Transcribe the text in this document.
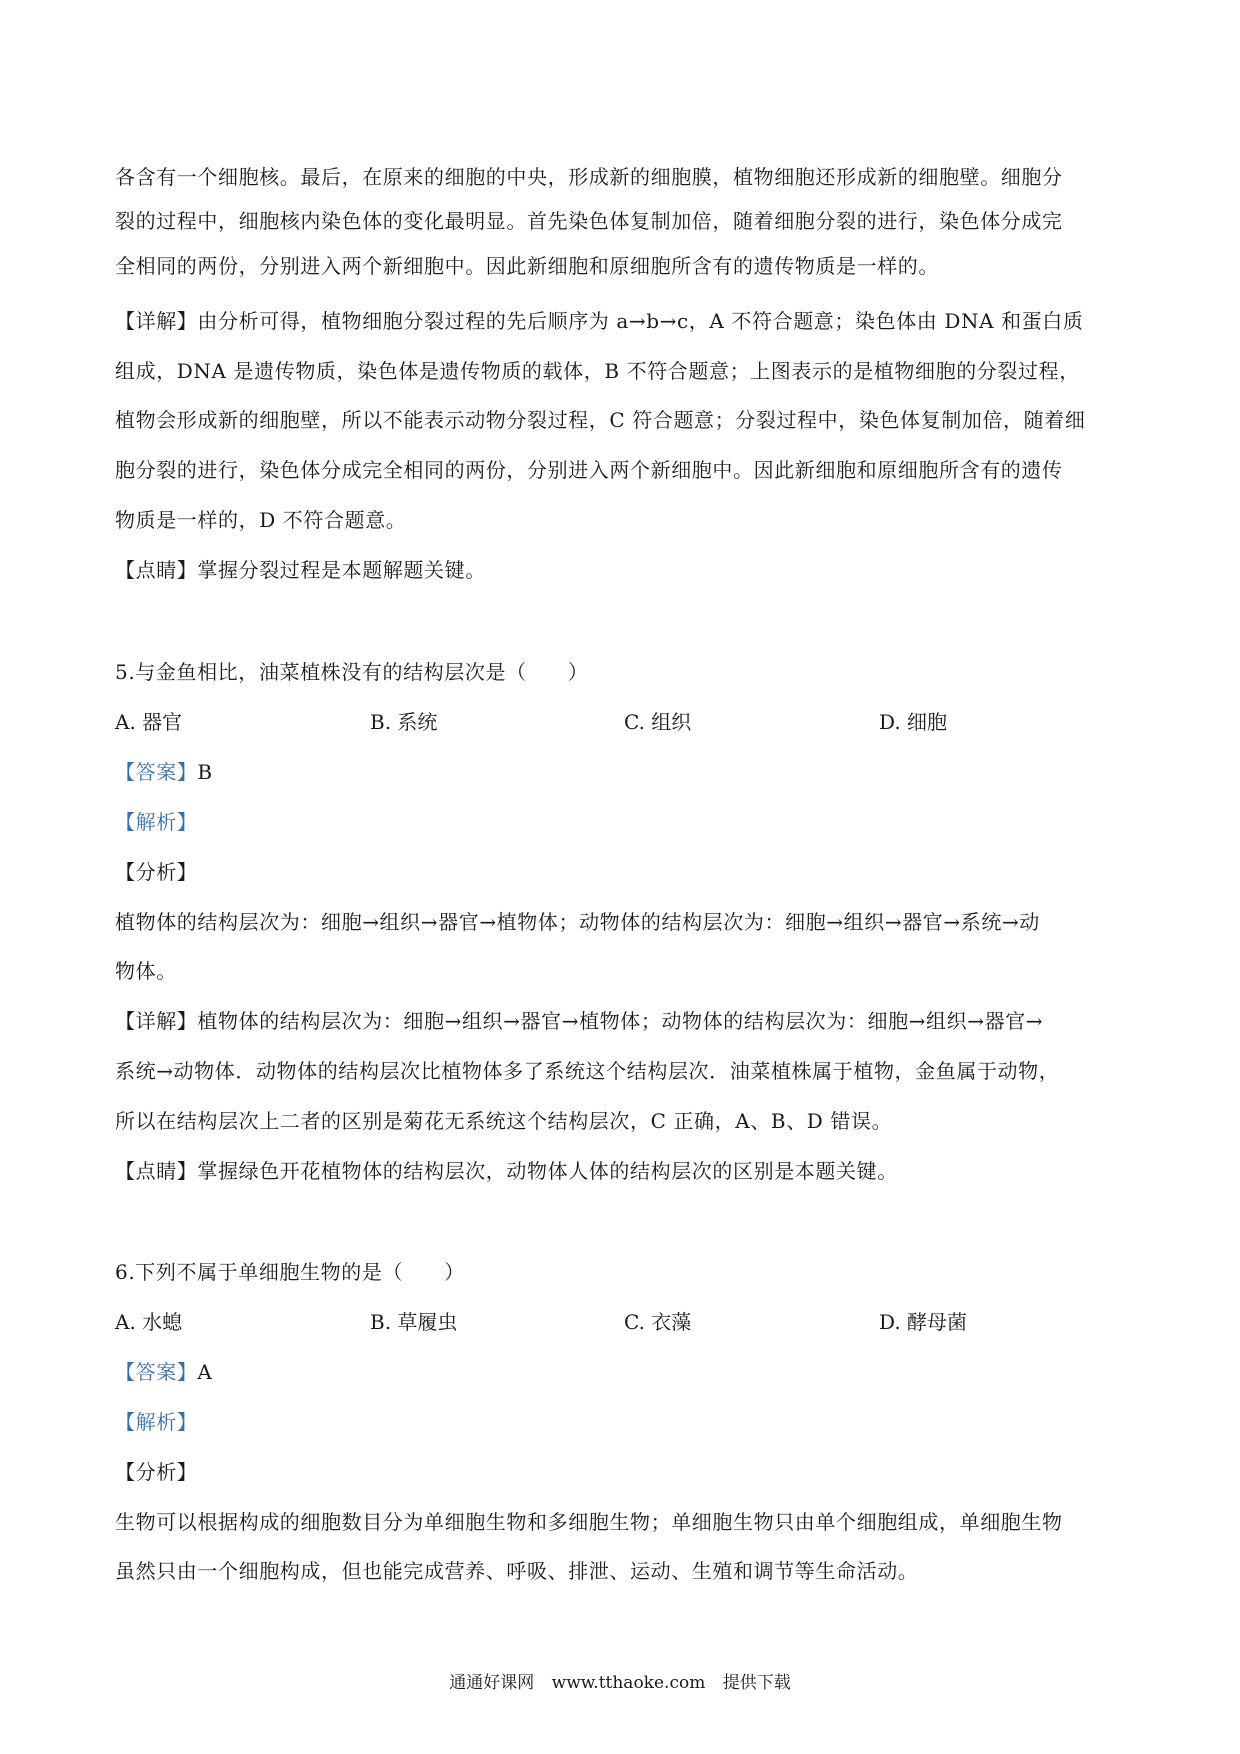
各含有一个细胞核。最后，在原来的细胞的中央，形成新的细胞膜，植物细胞还形成新的细胞壁。细胞分
裂的过程中，细胞核内染色体的变化最明显。首先染色体复制加倍，随着细胞分裂的进行，染色体分成完
全相同的两份，分别进入两个新细胞中。因此新细胞和原细胞所含有的遗传物质是一样的。
【详解】由分析可得，植物细胞分裂过程的先后顺序为 a→b→c，A 不符合题意；染色体由 DNA 和蛋白质
组成，DNA 是遗传物质，染色体是遗传物质的载体，B 不符合题意；上图表示的是植物细胞的分裂过程，
植物会形成新的细胞壁，所以不能表示动物分裂过程，C 符合题意；分裂过程中，染色体复制加倍，随着细
胞分裂的进行，染色体分成完全相同的两份，分别进入两个新细胞中。因此新细胞和原细胞所含有的遗传
物质是一样的，D 不符合题意。
【点睛】掌握分裂过程是本题解题关键。
5.与金鱼相比，油菜植株没有的结构层次是（　　）
A. 器官	B. 系统	C. 组织	D. 细胞
【答案】B
【解析】
【分析】
植物体的结构层次为：细胞→组织→器官→植物体；动物体的结构层次为：细胞→组织→器官→系统→动
物体。
【详解】植物体的结构层次为：细胞→组织→器官→植物体；动物体的结构层次为：细胞→组织→器官→
系统→动物体．动物体的结构层次比植物体多了系统这个结构层次．油菜植株属于植物，金鱼属于动物，
所以在结构层次上二者的区别是菊花无系统这个结构层次，C 正确，A、B、D 错误。
【点睛】掌握绿色开花植物体的结构层次，动物体人体的结构层次的区别是本题关键。
6.下列不属于单细胞生物的是（　　）
A. 水螅	B. 草履虫	C. 衣藻	D. 酵母菌
【答案】A
【解析】
【分析】
生物可以根据构成的细胞数目分为单细胞生物和多细胞生物；单细胞生物只由单个细胞组成，单细胞生物
虽然只由一个细胞构成，但也能完成营养、呼吸、排泄、运动、生殖和调节等生命活动。
通通好课网 www.tthaoke.com 提供下载
